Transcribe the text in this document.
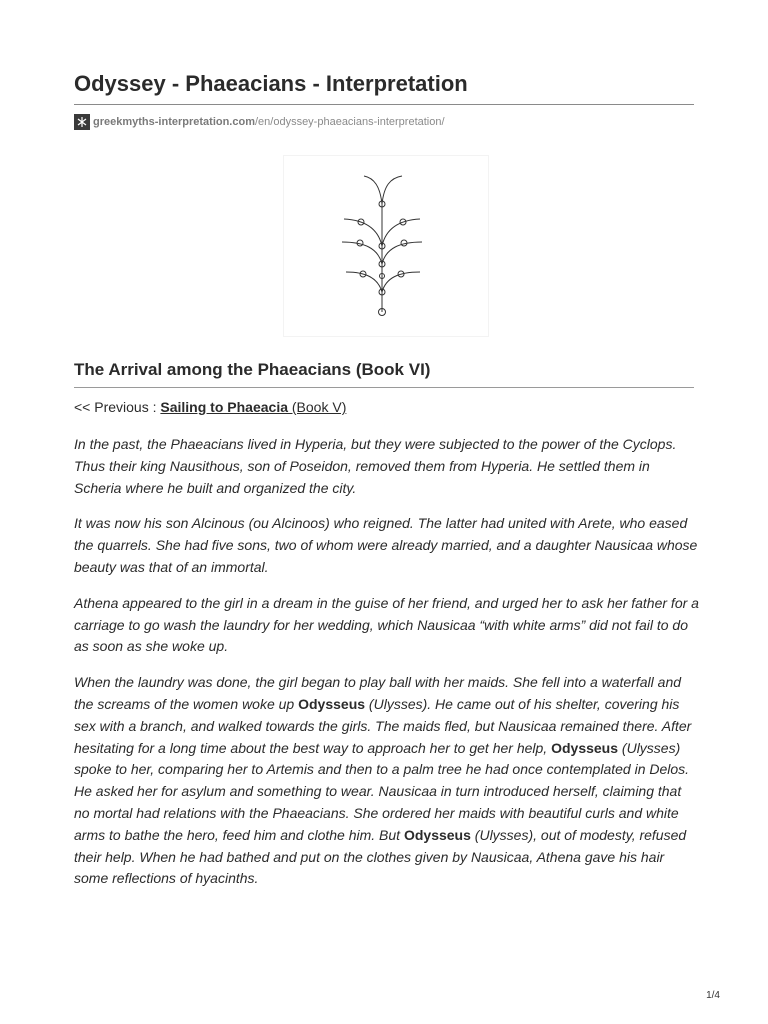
Odyssey - Phaeacians - Interpretation
greekmyths-interpretation.com /en/odyssey-phaeacians-interpretation/
The Arrival among the Phaeacians (Book VI)
<< Previous : Sailing to Phaeacia (Book V)

In the past, the Phaeacians lived in Hyperia, but they were subjected to the power of the Cyclops. Thus their king Nausithous, son of Poseidon, removed them from Hyperia. He settled them in Scheria where he built and organized the city.

It was now his son Alcinous (ou Alcinoos) who reigned. The latter had united with Arete, who eased the quarrels. She had five sons, two of whom were already married, and a daughter Nausicaa whose beauty was that of an immortal.

Athena appeared to the girl in a dream in the guise of her friend, and urged her to ask her father for a carriage to go wash the laundry for her wedding, which Nausicaa “with white arms” did not fail to do as soon as she woke up.

When the laundry was done, the girl began to play ball with her maids. She fell into a waterfall and the screams of the women woke up Odysseus (Ulysses). He came out of his shelter, covering his sex with a branch, and walked towards the girls. The maids fled, but Nausicaa remained there. After hesitating for a long time about the best way to approach her to get her help, Odysseus (Ulysses) spoke to her, comparing her to Artemis and then to a palm tree he had once contemplated in Delos. He asked her for asylum and something to wear. Nausicaa in turn introduced herself, claiming that no mortal had relations with the Phaeacians. She ordered her maids with beautiful curls and white arms to bathe the hero, feed him and clothe him. But Odysseus (Ulysses), out of modesty, refused their help. When he had bathed and put on the clothes given by Nausicaa, Athena gave his hair some reflections of hyacinths.

1/4
